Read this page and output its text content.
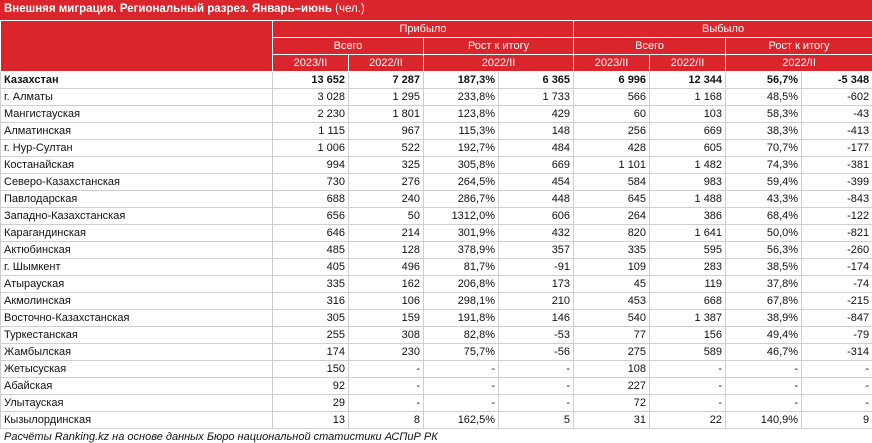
Внешняя миграция. Региональный разрез. Январь–июнь (чел.)
	Прибыло				Выбыло			
	Всего		Рост к итогу		Всего		Рост к итогу	
	2023/II	2022/II	2022/II		2023/II	2022/II	2022/II	
Казахстан	13 652	7 287	187,3%	6 365	6 996	12 344	56,7%	-5 348
г. Алматы	3 028	1 295	233,8%	1 733	566	1 168	48,5%	-602
Мангистауская	2 230	1 801	123,8%	429	60	103	58,3%	-43
Алматинская	1 115	967	115,3%	148	256	669	38,3%	-413
г. Нур-Султан	1 006	522	192,7%	484	428	605	70,7%	-177
Костанайская	994	325	305,8%	669	1 101	1 482	74,3%	-381
Северо-Казахстанская	730	276	264,5%	454	584	983	59,4%	-399
Павлодарская	688	240	286,7%	448	645	1 488	43,3%	-843
Западно-Казахстанская	656	50	1312,0%	606	264	386	68,4%	-122
Карагандинская	646	214	301,9%	432	820	1 641	50,0%	-821
Актюбинская	485	128	378,9%	357	335	595	56,3%	-260
г. Шымкент	405	496	81,7%	-91	109	283	38,5%	-174
Атырауская	335	162	206,8%	173	45	119	37,8%	-74
Акмолинская	316	106	298,1%	210	453	668	67,8%	-215
Восточно-Казахстанская	305	159	191,8%	146	540	1 387	38,9%	-847
Туркестанская	255	308	82,8%	-53	77	156	49,4%	-79
Жамбылская	174	230	75,7%	-56	275	589	46,7%	-314
Жетысуская	150	-	-	-	108	-	-	-
Абайская	92	-	-	-	227	-	-	-
Улытауская	29	-	-	-	72	-	-	-
Кызылординская	13	8	162,5%	5	31	22	140,9%	9
Расчёты Ranking.kz на основе данных Бюро национальной статистики АСПиР РК
